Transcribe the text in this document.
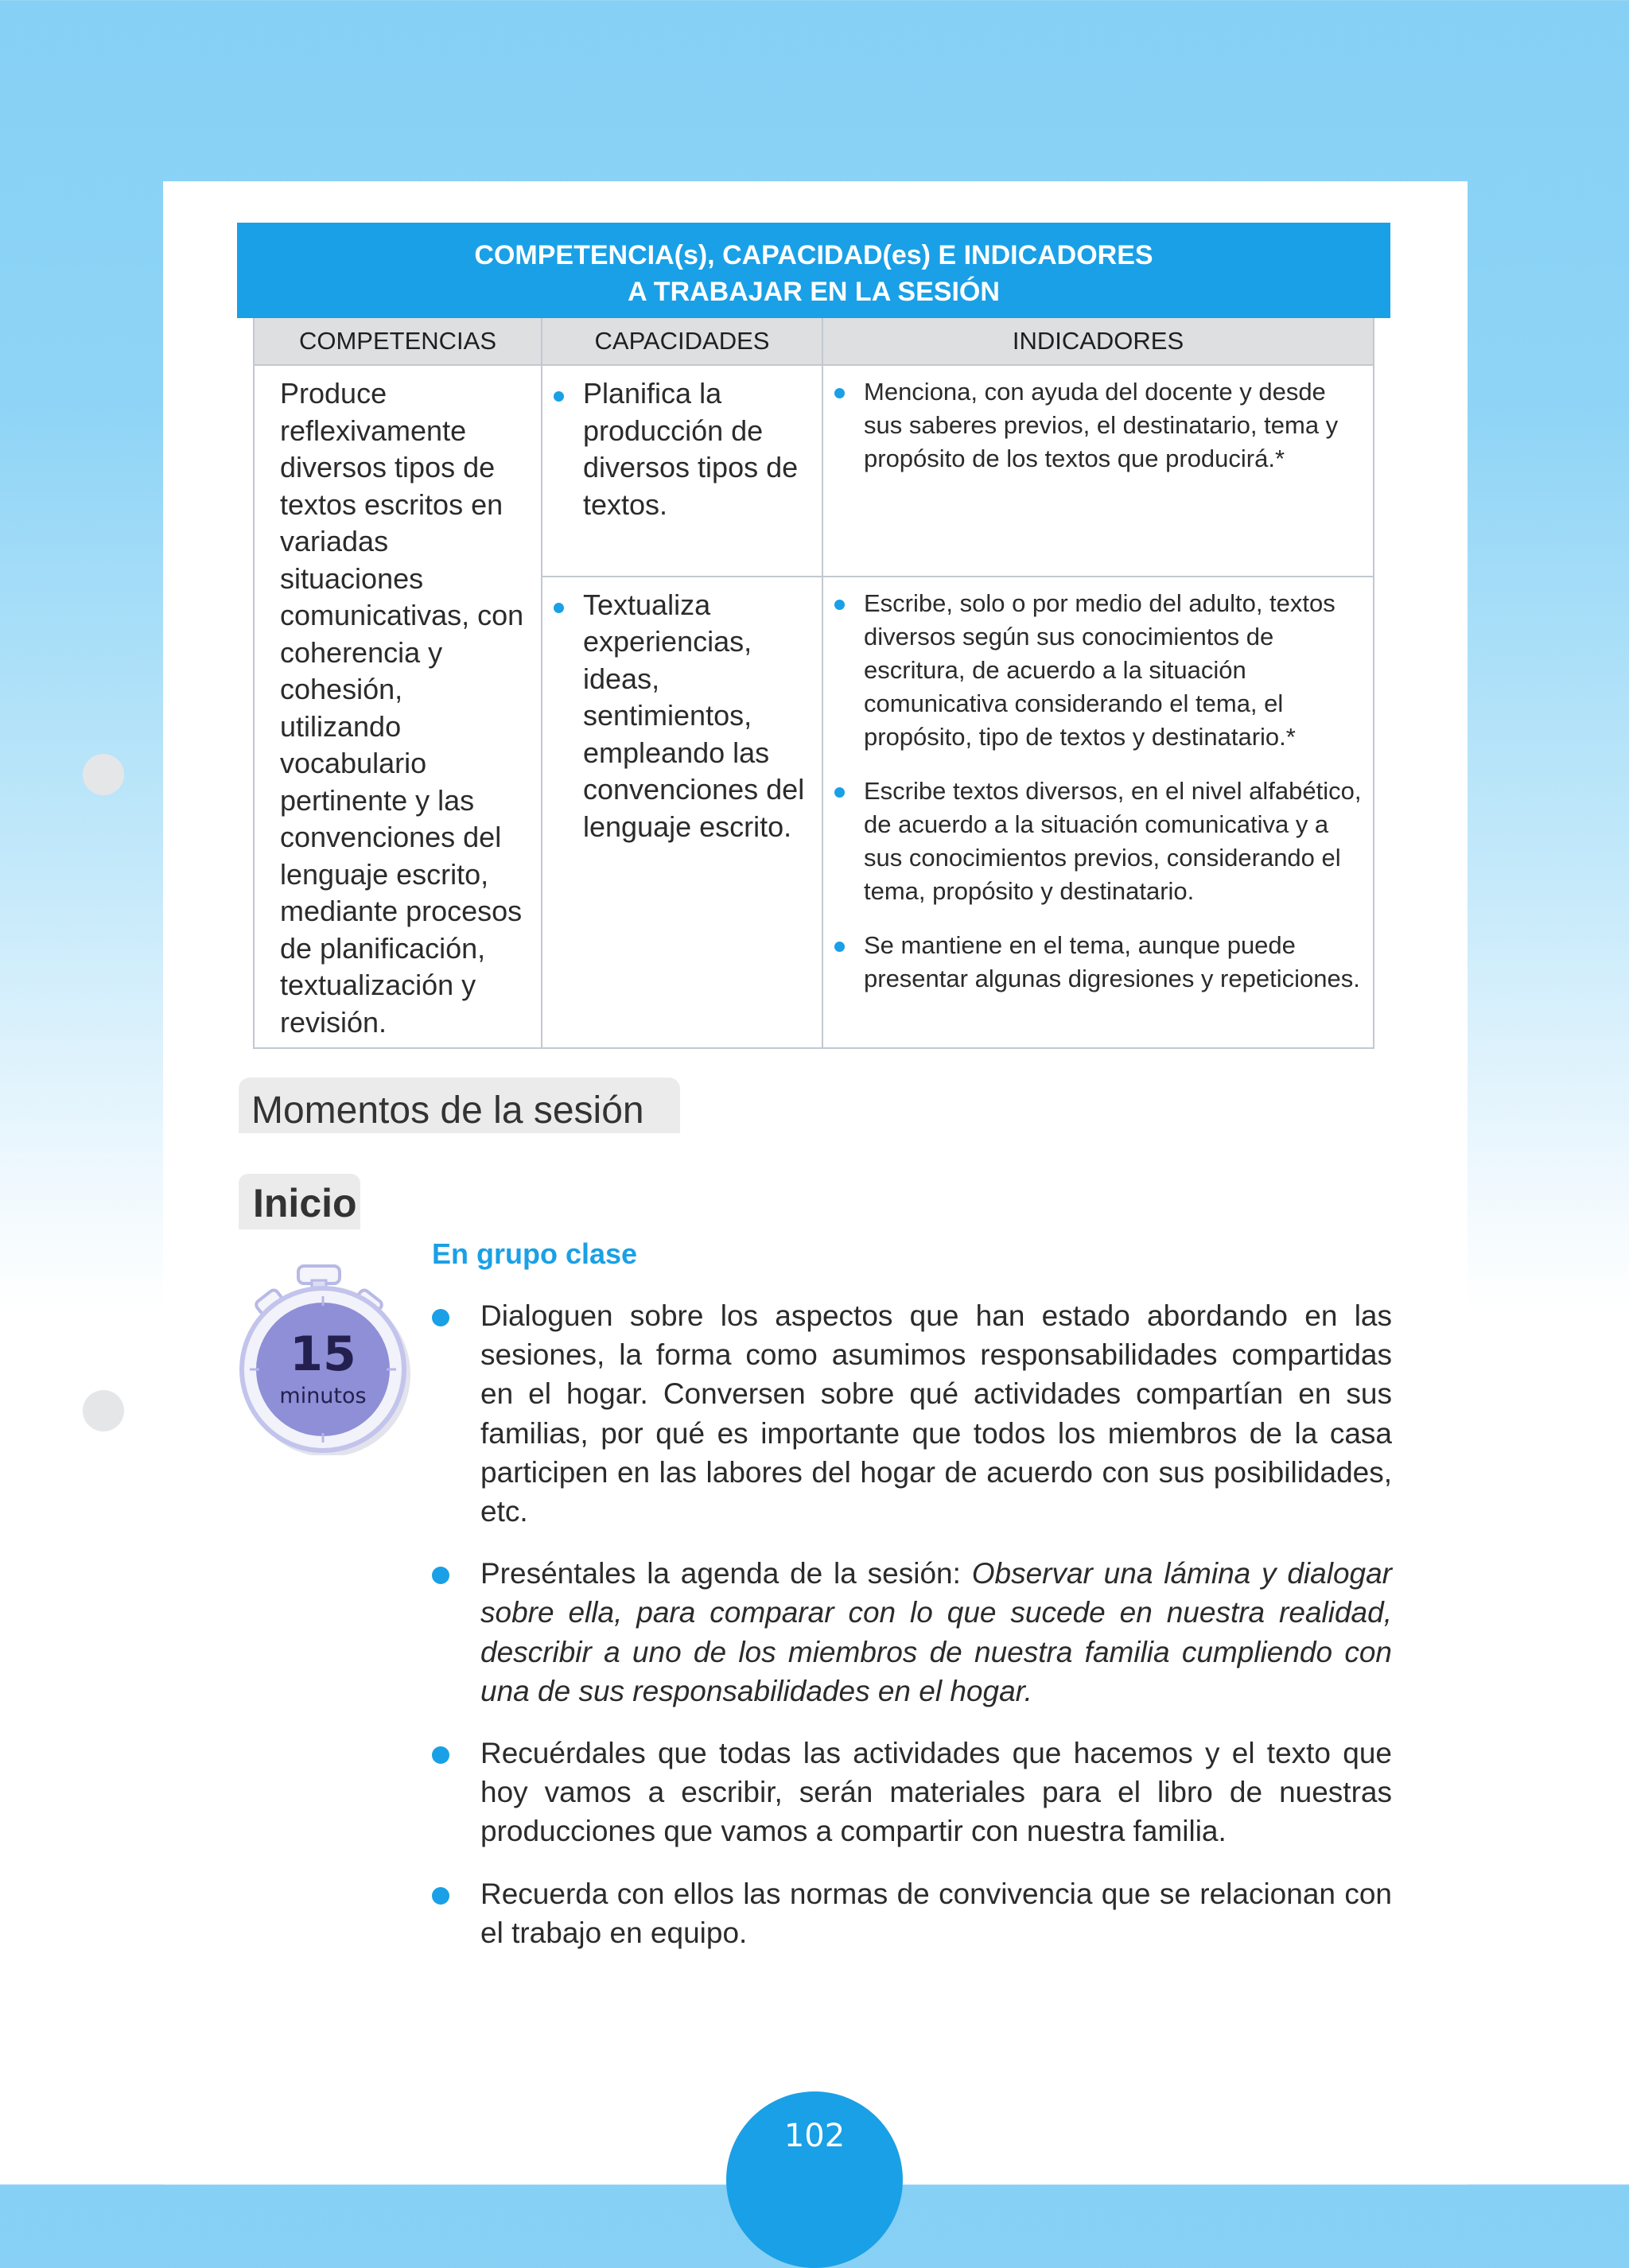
COMPETENCIA(s), CAPACIDAD(es) E INDICADORES
A TRABAJAR EN LA SESIÓN
COMPETENCIAS	CAPACIDADES	INDICADORES
Produce reflexivamente diversos tipos de textos escritos en variadas situaciones comunicativas, con coherencia y cohesión, utilizando vocabulario pertinente y las convenciones del lenguaje escrito, mediante procesos de planificación, textualización y revisión.
Planifica la producción de diversos tipos de textos.
Menciona, con ayuda del docente y desde sus saberes previos, el destinatario, tema y propósito de los textos que producirá.*
Textualiza experiencias, ideas, sentimientos, empleando las convenciones del lenguaje escrito.
Escribe, solo o por medio del adulto, textos diversos según sus conocimientos de escritura, de acuerdo a la situación comunicativa considerando el tema, el propósito, tipo de textos y destinatario.*
Escribe textos diversos, en el nivel alfabético, de acuerdo a la situación comunicativa y a sus conocimientos previos, considerando el tema, propósito y destinatario.
Se mantiene en el tema, aunque puede presentar algunas digresiones y repeticiones.
Momentos de la sesión
Inicio
15
minutos
En grupo clase
Dialoguen sobre los aspectos que han estado abordando en las sesiones, la forma como asumimos responsabilidades compartidas en el hogar. Conversen sobre qué actividades compartían en sus familias, por qué es importante que todos los miembros de la casa participen en las labores del hogar de acuerdo con sus posibilidades, etc.
Preséntales la agenda de la sesión: Observar una lámina y dialogar sobre ella, para comparar con lo que sucede en nuestra realidad, describir a uno de los miembros de nuestra familia cumpliendo con una de sus responsabilidades en el hogar.
Recuérdales que todas las actividades que hacemos y el texto que hoy vamos a escribir, serán materiales para el libro de nuestras producciones que vamos a compartir con nuestra familia.
Recuerda con ellos las normas de convivencia que se relacionan con el trabajo en equipo.
102
